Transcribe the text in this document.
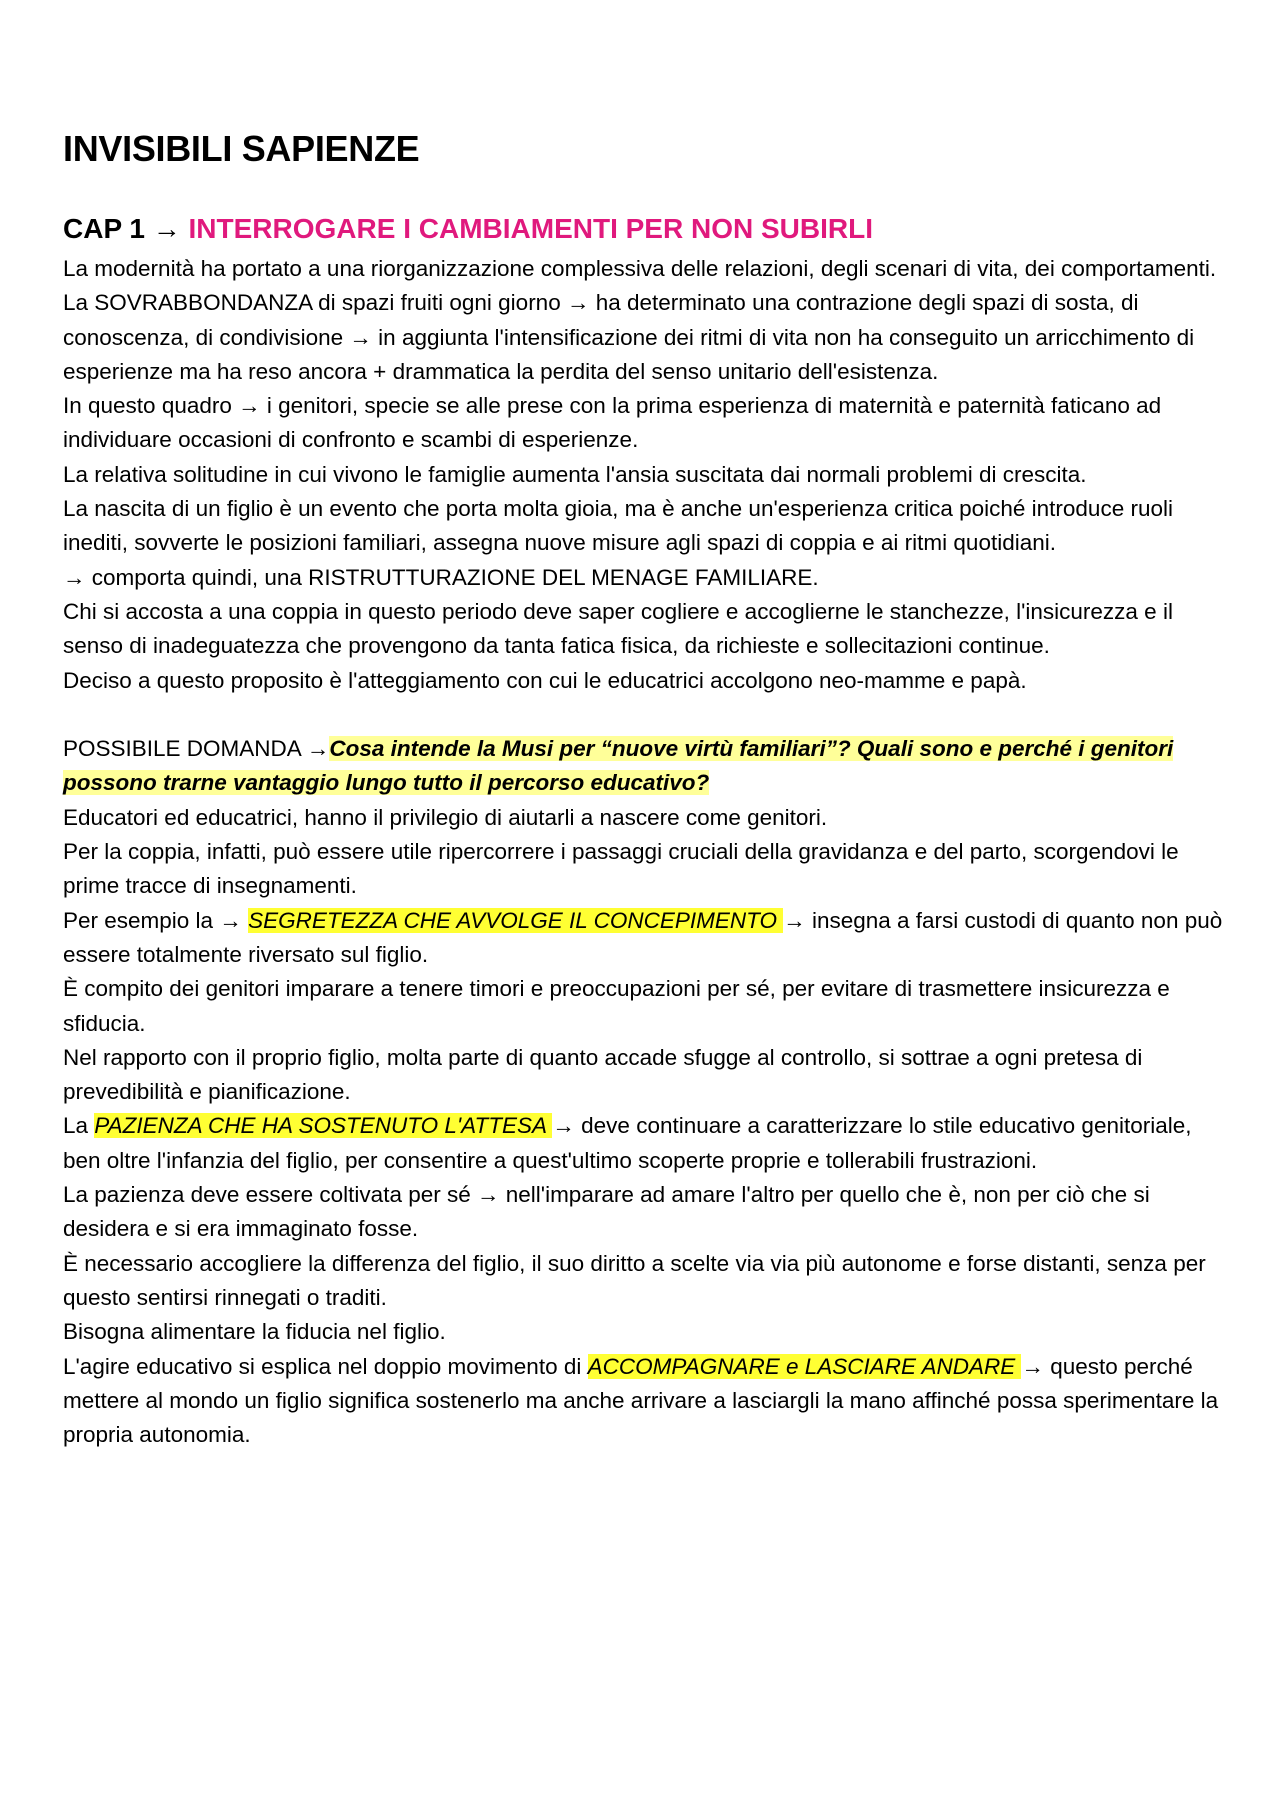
INVISIBILI SAPIENZE
CAP 1 → INTERROGARE I CAMBIAMENTI PER NON SUBIRLI

La modernità ha portato a una riorganizzazione complessiva delle relazioni, degli scenari di vita, dei comportamenti.

La SOVRABBONDANZA di spazi fruiti ogni giorno → ha determinato una contrazione degli spazi di sosta, di conoscenza, di condivisione → in aggiunta l'intensificazione dei ritmi di vita non ha conseguito un arricchimento di esperienze ma ha reso ancora + drammatica la perdita del senso unitario dell'esistenza.

In questo quadro → i genitori, specie se alle prese con la prima esperienza di maternità e paternità faticano ad individuare occasioni di confronto e scambi di esperienze.

La relativa solitudine in cui vivono le famiglie aumenta l'ansia suscitata dai normali problemi di crescita.

La nascita di un figlio è un evento che porta molta gioia, ma è anche un'esperienza critica poiché introduce ruoli inediti, sovverte le posizioni familiari, assegna nuove misure agli spazi di coppia e ai ritmi quotidiani.

→ comporta quindi, una RISTRUTTURAZIONE DEL MENAGE FAMILIARE.

Chi si accosta a una coppia in questo periodo deve saper cogliere e accoglierne le stanchezze, l'insicurezza e il senso di inadeguatezza che provengono da tanta fatica fisica, da richieste e sollecitazioni continue.

Deciso a questo proposito è l'atteggiamento con cui le educatrici accolgono neo-mamme e papà.

POSSIBILE DOMANDA →Cosa intende la Musi per “nuove virtù familiari”? Quali sono e perché i genitori possono trarne vantaggio lungo tutto il percorso educativo?

Educatori ed educatrici, hanno il privilegio di aiutarli a nascere come genitori.

Per la coppia, infatti, può essere utile ripercorrere i passaggi cruciali della gravidanza e del parto, scorgendovi le prime tracce di insegnamenti.

Per esempio la → SEGRETEZZA CHE AVVOLGE IL CONCEPIMENTO → insegna a farsi custodi di quanto non può essere totalmente riversato sul figlio.

È compito dei genitori imparare a tenere timori e preoccupazioni per sé, per evitare di trasmettere insicurezza e sfiducia.

Nel rapporto con il proprio figlio, molta parte di quanto accade sfugge al controllo, si sottrae a ogni pretesa di prevedibilità e pianificazione.

La PAZIENZA CHE HA SOSTENUTO L'ATTESA → deve continuare a caratterizzare lo stile educativo genitoriale, ben oltre l'infanzia del figlio, per consentire a quest'ultimo scoperte proprie e tollerabili frustrazioni.

La pazienza deve essere coltivata per sé → nell'imparare ad amare l'altro per quello che è, non per ciò che si desidera e si era immaginato fosse.

È necessario accogliere la differenza del figlio, il suo diritto a scelte via via più autonome e forse distanti, senza per questo sentirsi rinnegati o traditi.

Bisogna alimentare la fiducia nel figlio.

L'agire educativo si esplica nel doppio movimento di ACCOMPAGNARE e LASCIARE ANDARE → questo perché mettere al mondo un figlio significa sostenerlo ma anche arrivare a lasciargli la mano affinché possa sperimentare la propria autonomia.
